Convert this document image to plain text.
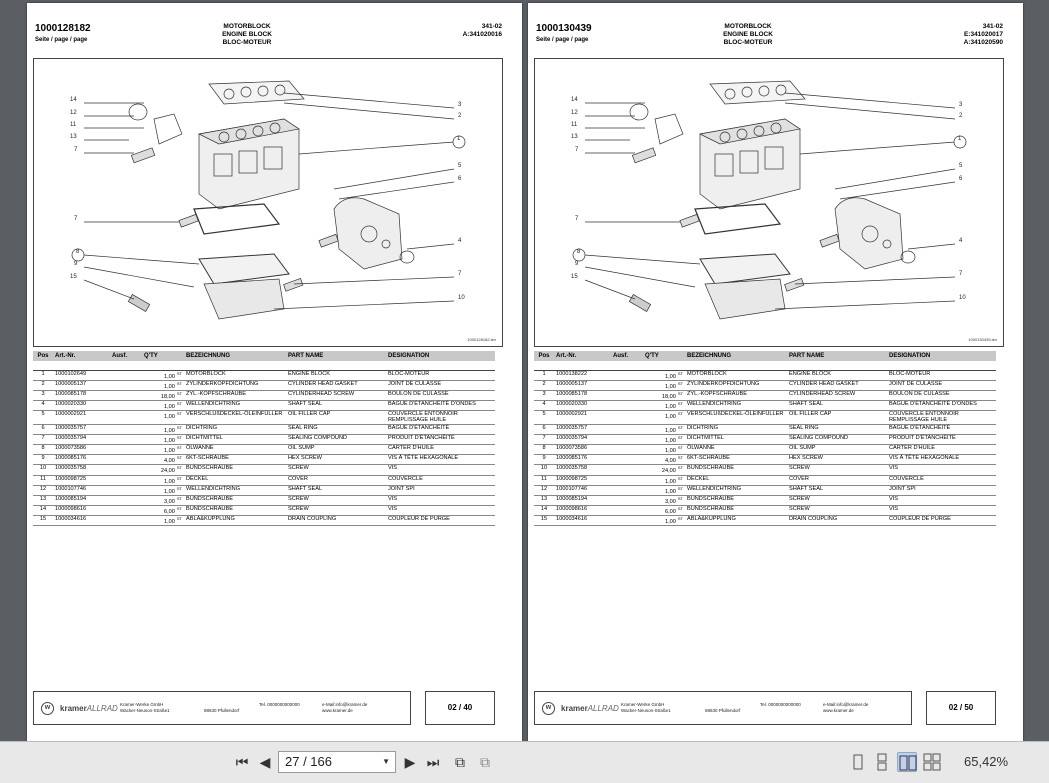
1000128182
Seite / page / page
MOTORBLOCK
ENGINE BLOCK
BLOC-MOTEUR
341-02
A:341020016
14
12
11
13
7
7
8
9
15
3
2
1
5
6
4
7
10
1000128182.tex
Pos	Art.-Nr.	Ausf.	Q'TY	BEZEICHNUNG	PART NAME	DESIGNATION

1	1000102649		1,00ST	MOTORBLOCK	ENGINE BLOCK	BLOC-MOTEUR
2	1000005137		1,00ST	ZYLINDERKOPFDICHTUNG	CYLINDER HEAD GASKET	JOINT DE CULASSE
3	1000085178		18,00ST	ZYL.-KOPFSCHRAUBE	CYLINDERHEAD SCREW	BOULON DE CULASSE
4	1000020330		1,00ST	WELLENDICHTRING	SHAFT SEAL	BAGUE D'ÉTANCHÉITÉ D'ONDES
5	1000002921		1,00ST	VERSCHLUßDECKEL-ÖLEINFÜLLER	OIL FILLER CAP	COUVERCLE ENTONNOIR REMPLISSAGE HUILE
6	1000035757		1,00ST	DICHTRING	SEAL RING	BAGUE D'ÉTANCHÉITÉ
7	1000035794		1,00ST	DICHTMITTEL	SEALING COMPOUND	PRODUIT D'ÉTANCHÉITÉ
8	1000073586		1,00ST	ÖLWANNE	OIL SUMP	CARTER D'HUILE
9	1000085176		4,00ST	6KT-SCHRAUBE	HEX SCREW	VIS À TÊTE HEXAGONALE
10	1000035758		24,00ST	BUNDSCHRAUBE	SCREW	VIS
11	1000098725		1,00ST	DECKEL	COVER	COUVERCLE
12	1000107746		1,00ST	WELLENDICHTRING	SHAFT SEAL	JOINT SPI
13	1000085194		3,00ST	BUNDSCHRAUBE	SCREW	VIS
14	1000098616		6,00ST	BUNDSCHRAUBE	SCREW	VIS
15	1000034616		1,00ST	ABLA&KUPPLUNG	DRAIN COUPLING	COUPLEUR DE PURGE
w	kramerALLRAD Kramer-Werke GmbH
Wacker-Neuson-Straße1	88630 Pfullendorf
Tel. 0000000000000	e-Mail:info@kramer.de
www.kramer.de	02 / 40
1000130439
Seite / page / page
MOTORBLOCK
ENGINE BLOCK
BLOC-MOTEUR
341-02
E:341020017
A:341020590
14
12
11
13
7
7
8
9
15
3
2
1
5
6
4
7
10
1000130439.tex
Pos	Art.-Nr.	Ausf.	Q'TY	BEZEICHNUNG	PART NAME	DESIGNATION

1	1000138222		1,00ST	MOTORBLOCK	ENGINE BLOCK	BLOC-MOTEUR
2	1000005137		1,00ST	ZYLINDERKOPFDICHTUNG	CYLINDER HEAD GASKET	JOINT DE CULASSE
3	1000085178		18,00ST	ZYL.-KOPFSCHRAUBE	CYLINDERHEAD SCREW	BOULON DE CULASSE
4	1000020330		1,00ST	WELLENDICHTRING	SHAFT SEAL	BAGUE D'ÉTANCHÉITÉ D'ONDES
5	1000002921		1,00ST	VERSCHLUßDECKEL-ÖLEINFÜLLER	OIL FILLER CAP	COUVERCLE ENTONNOIR REMPLISSAGE HUILE
6	1000035757		1,00ST	DICHTRING	SEAL RING	BAGUE D'ÉTANCHÉITÉ
7	1000035794		1,00ST	DICHTMITTEL	SEALING COMPOUND	PRODUIT D'ÉTANCHÉITÉ
8	1000073586		1,00ST	ÖLWANNE	OIL SUMP	CARTER D'HUILE
9	1000085176		4,00ST	6KT-SCHRAUBE	HEX SCREW	VIS À TÊTE HEXAGONALE
10	1000035758		24,00ST	BUNDSCHRAUBE	SCREW	VIS
11	1000098725		1,00ST	DECKEL	COVER	COUVERCLE
12	1000107746		1,00ST	WELLENDICHTRING	SHAFT SEAL	JOINT SPI
13	1000085194		3,00ST	BUNDSCHRAUBE	SCREW	VIS
14	1000098616		6,00ST	BUNDSCHRAUBE	SCREW	VIS
15	1000034616		1,00ST	ABLA&KUPPLUNG	DRAIN COUPLING	COUPLEUR DE PURGE
w	kramerALLRAD Kramer-Werke GmbH
Wacker-Neuson-Straße1	88630 Pfullendorf
Tel. 0000000000000	e-Mail:info@kramer.de
www.kramer.de	02 / 50
⏮ ◀	27 / 166	▼	▶ ⏭	⧉	⧉	65,42%
